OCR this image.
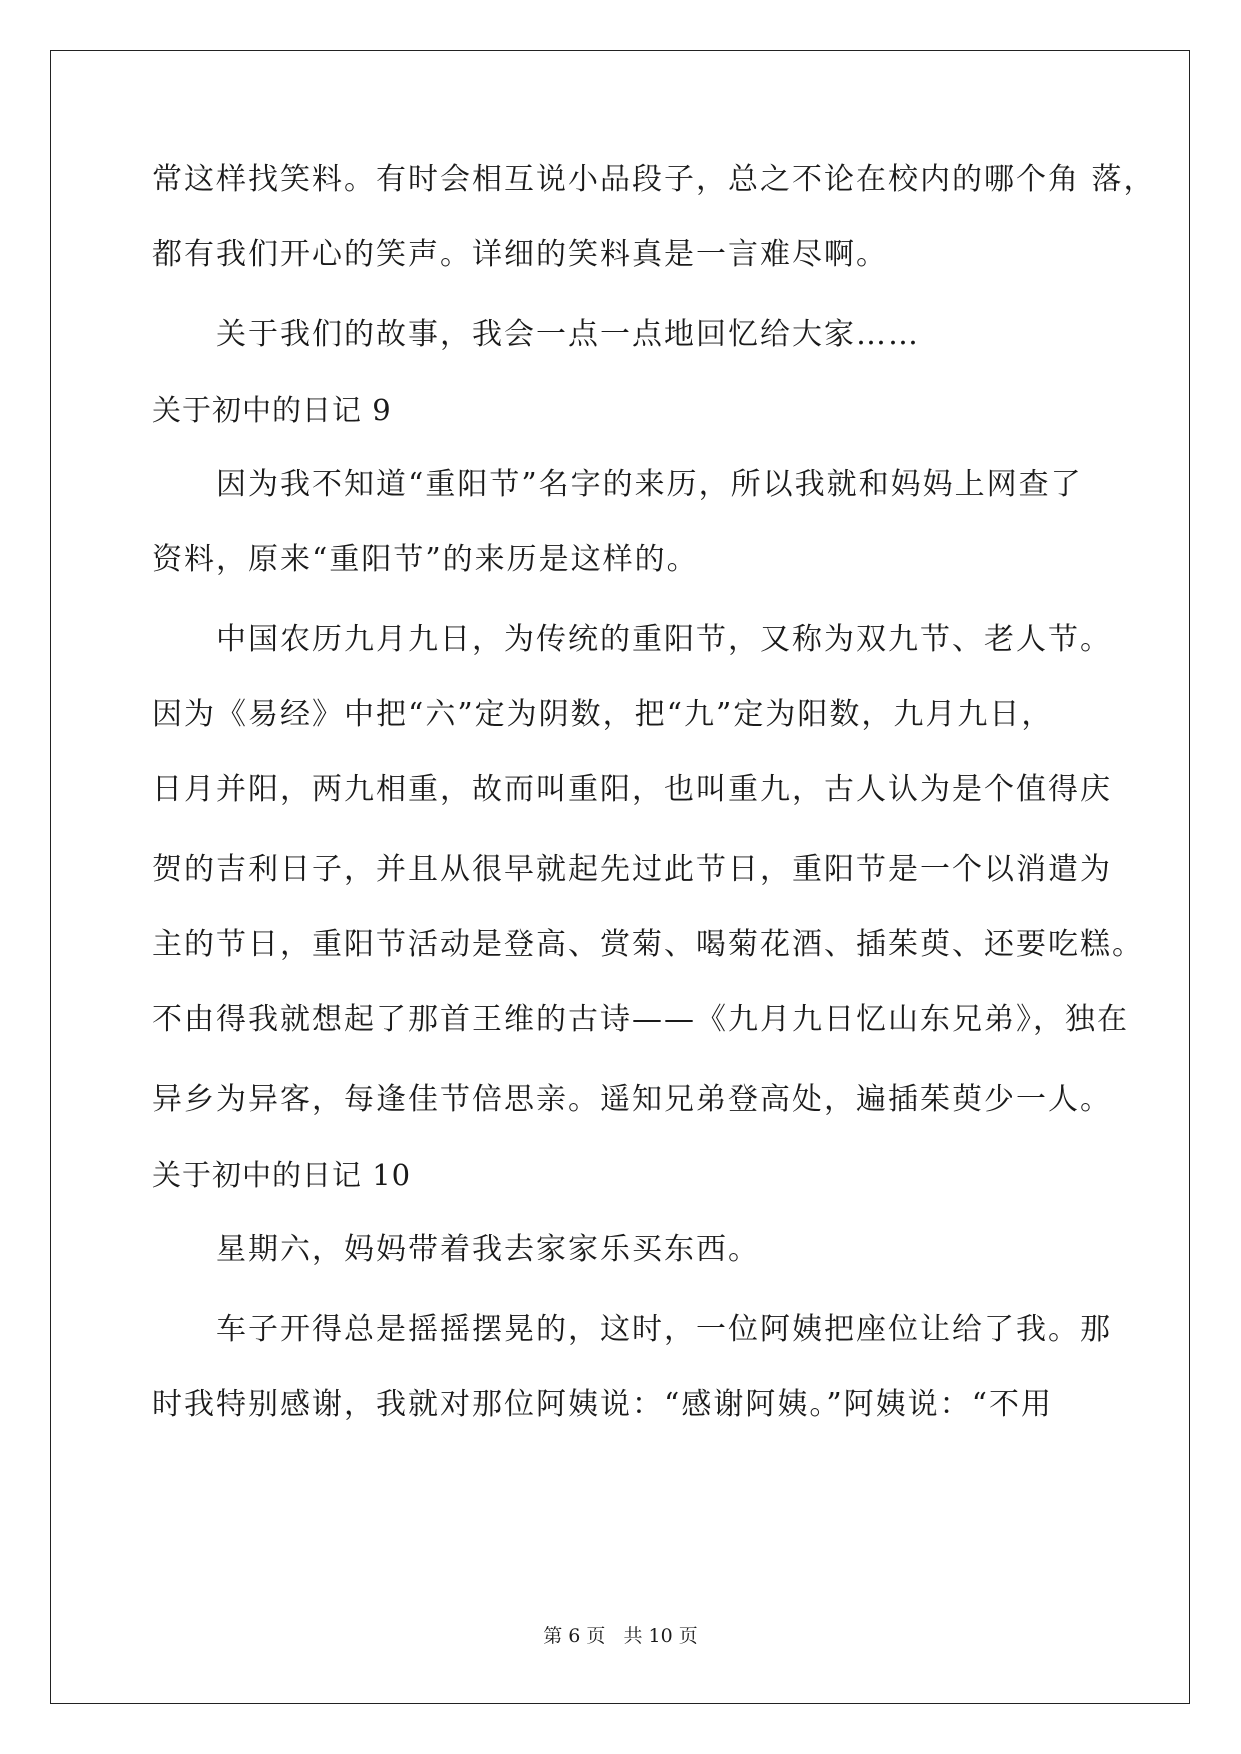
常这样找笑料。有时会相互说小品段子，总之不论在校内的哪个角 落，
都有我们开心的笑声。详细的笑料真是一言难尽啊。
关于我们的故事，我会一点一点地回忆给大家……
关于初中的日记 9
因为我不知道“重阳节”名字的来历，所以我就和妈妈上网查了
资料，原来“重阳节”的来历是这样的。
中国农历九月九日，为传统的重阳节，又称为双九节、老人节。
因为《易经》中把“六”定为阴数，把“九”定为阳数，九月九日，
日月并阳，两九相重，故而叫重阳，也叫重九，古人认为是个值得庆
贺的吉利日子，并且从很早就起先过此节日，重阳节是一个以消遣为
主的节日，重阳节活动是登高、赏菊、喝菊花酒、插茱萸、还要吃糕。
不由得我就想起了那首王维的古诗——《九月九日忆山东兄弟》，独在
异乡为异客，每逢佳节倍思亲。遥知兄弟登高处，遍插茱萸少一人。
关于初中的日记 10
星期六，妈妈带着我去家家乐买东西。
车子开得总是摇摇摆晃的，这时，一位阿姨把座位让给了我。那
时我特别感谢，我就对那位阿姨说：“感谢阿姨。”阿姨说：“不用
第 6 页 共 10 页
